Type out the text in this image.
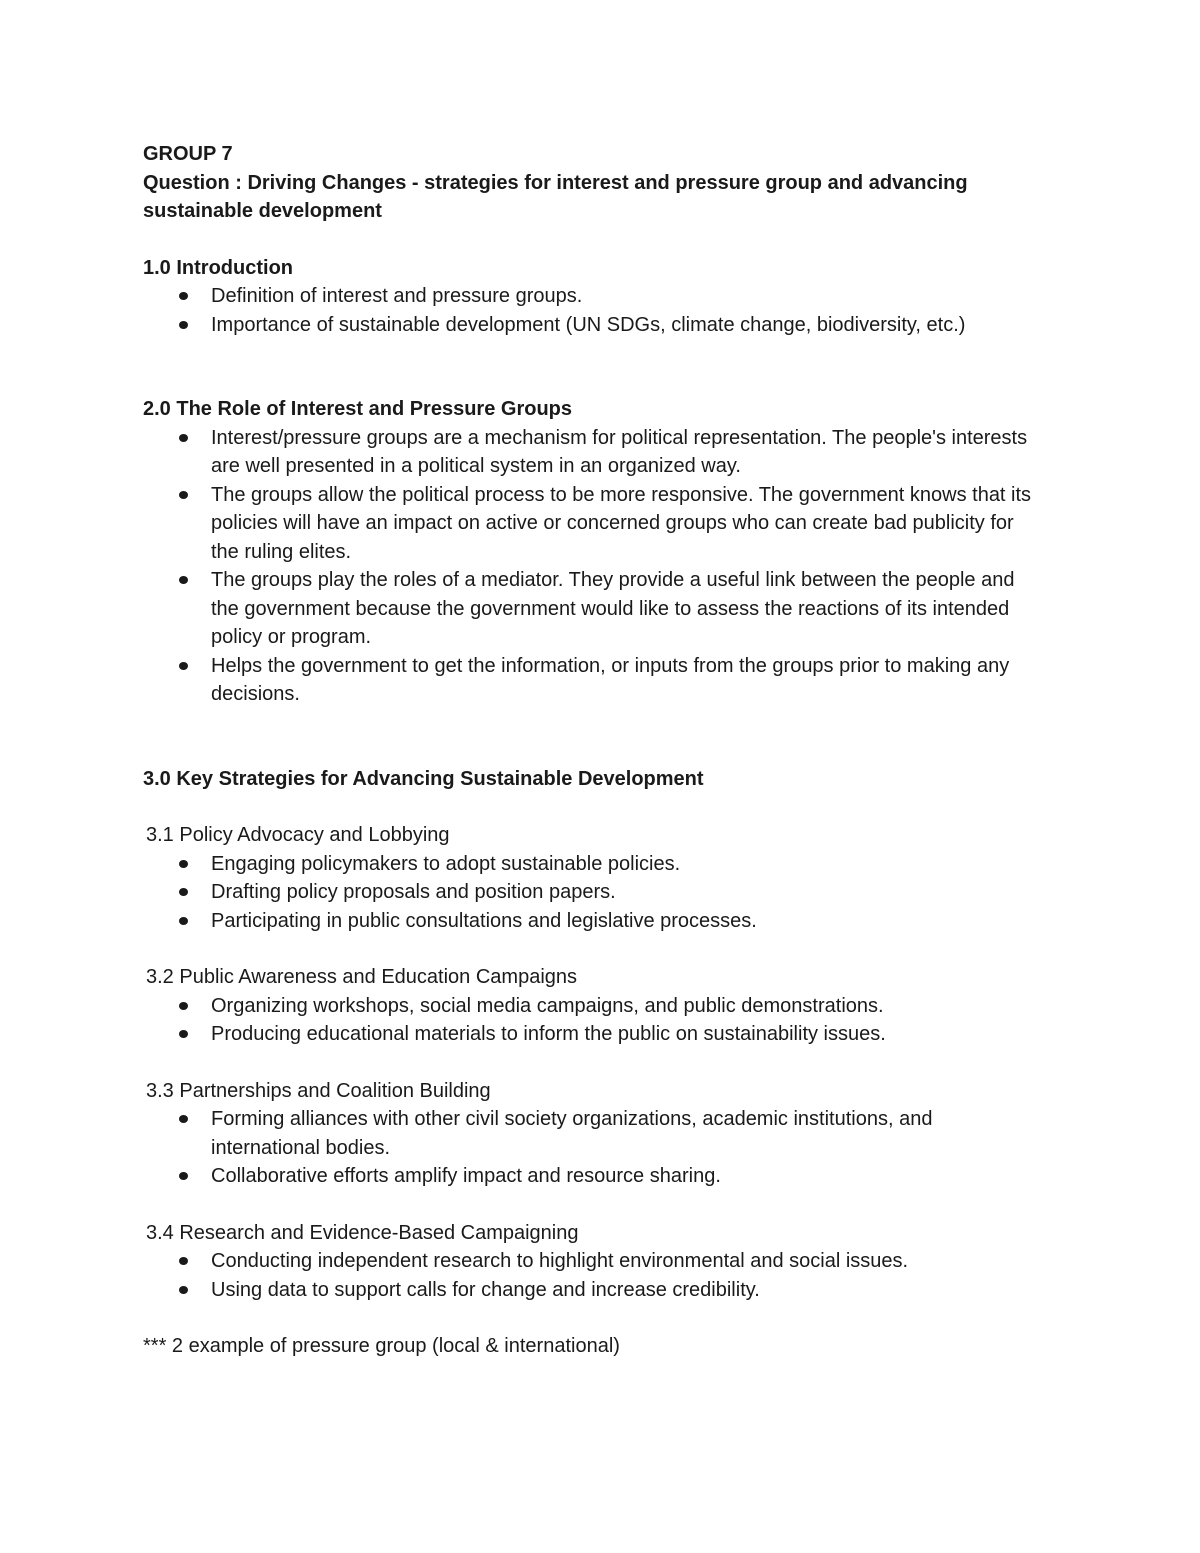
GROUP 7

Question : Driving Changes - strategies for interest and pressure group and advancing sustainable development

1.0 Introduction

Definition of interest and pressure groups.
Importance of sustainable development (UN SDGs, climate change, biodiversity, etc.)

2.0 The Role of Interest and Pressure Groups

Interest/pressure groups are a mechanism for political representation. The people's interests are well presented in a political system in an organized way.
The groups allow the political process to be more responsive. The government knows that its policies will have an impact on active or concerned groups who can create bad publicity for the ruling elites.
The groups play the roles of a mediator. They provide a useful link between the people and the government because the government would like to assess the reactions of its intended policy or program.
Helps the government to get the information, or inputs from the groups prior to making any decisions.

3.0 Key Strategies for Advancing Sustainable Development

3.1 Policy Advocacy and Lobbying

Engaging policymakers to adopt sustainable policies.
Drafting policy proposals and position papers.
Participating in public consultations and legislative processes.

3.2 Public Awareness and Education Campaigns

Organizing workshops, social media campaigns, and public demonstrations.
Producing educational materials to inform the public on sustainability issues.

3.3 Partnerships and Coalition Building

Forming alliances with other civil society organizations, academic institutions, and international bodies.
Collaborative efforts amplify impact and resource sharing.

3.4 Research and Evidence-Based Campaigning

Conducting independent research to highlight environmental and social issues.
Using data to support calls for change and increase credibility.

*** 2 example of pressure group (local & international)
